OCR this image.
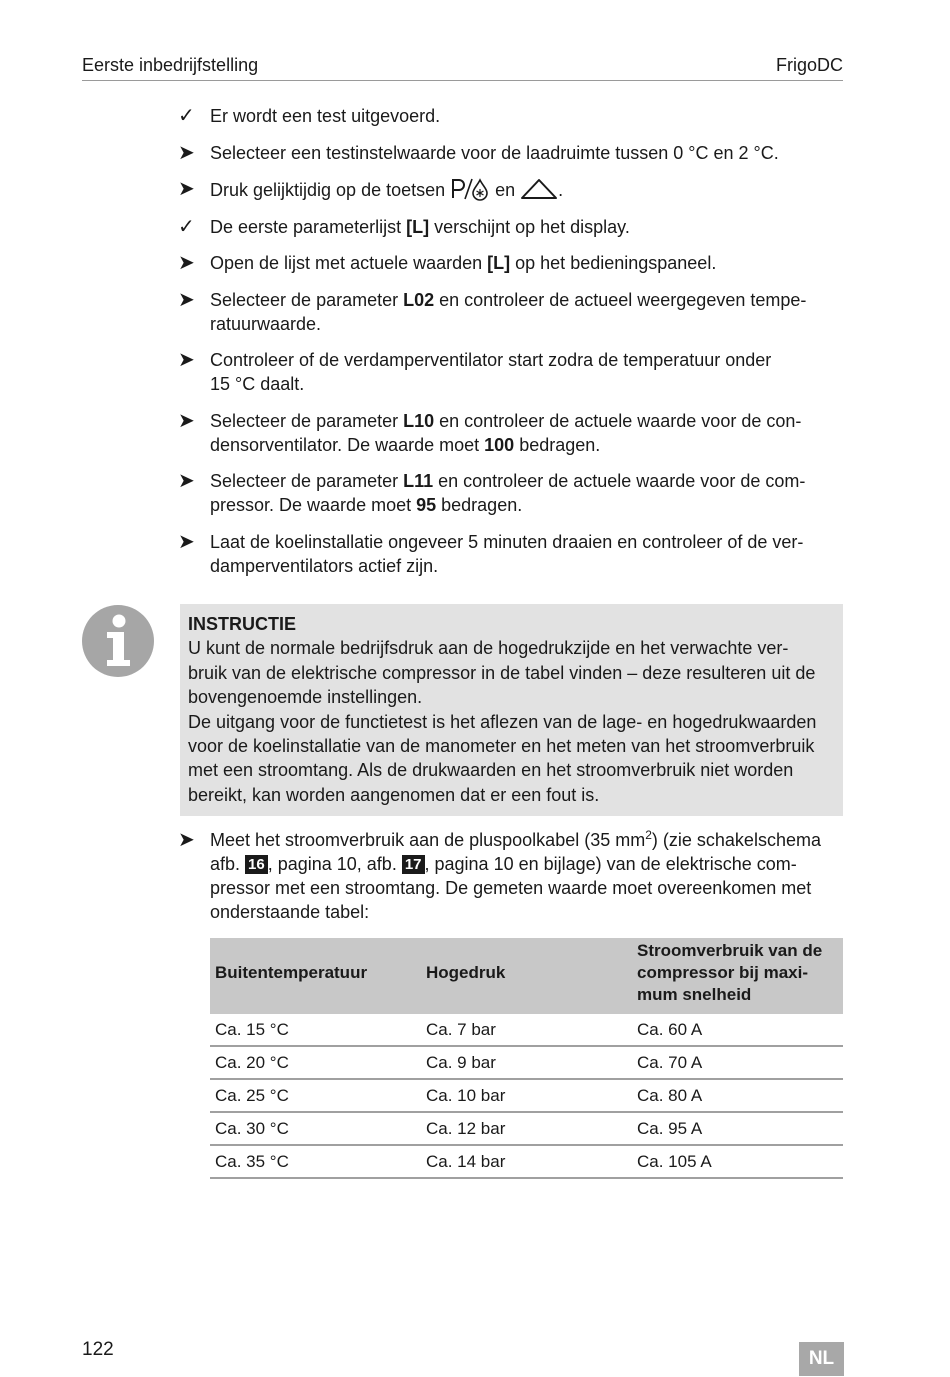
Eerste inbedrijfstelling	FrigoDC
✓ Er wordt een test uitgevoerd.
➤ Selecteer een testinstelwaarde voor de laadruimte tussen 0 °C en 2 °C.
➤ Druk gelijktijdig op de toetsen  en .
✓ De eerste parameterlijst [L] verschijnt op het display.
➤ Open de lijst met actuele waarden [L] op het bedieningspaneel.
➤ Selecteer de parameter L02 en controleer de actueel weergegeven tempe-
ratuurwaarde.
➤ Controleer of de verdamperventilator start zodra de temperatuur onder
15 °C daalt.
➤ Selecteer de parameter L10 en controleer de actuele waarde voor de con-
densorventilator. De waarde moet 100 bedragen.
➤ Selecteer de parameter L11 en controleer de actuele waarde voor de com-
pressor. De waarde moet 95 bedragen.
➤ Laat de koelinstallatie ongeveer 5 minuten draaien en controleer of de ver-
damperventilators actief zijn.
INSTRUCTIE
U kunt de normale bedrijfsdruk aan de hogedrukzijde en het verwachte ver-
bruik van de elektrische compressor in de tabel vinden – deze resulteren uit de
bovengenoemde instellingen.
De uitgang voor de functietest is het aflezen van de lage- en hogedrukwaarden
voor de koelinstallatie van de manometer en het meten van het stroomverbruik
met een stroomtang. Als de drukwaarden en het stroomverbruik niet worden
bereikt, kan worden aangenomen dat er een fout is.
➤ Meet het stroomverbruik aan de pluspoolkabel (35 $mm^2$) (zie schakelschema
afb. 16 , pagina 10, afb. 17 , pagina 10 en bijlage) van de elektrische com-
pressor met een stroomtang. De gemeten waarde moet overeenkomen met
onderstaande tabel:
Buitentemperatuur	Hogedruk	Stroomverbruik van de
compressor bij maxi-
mum snelheid
Ca. 15 °C	Ca. 7 bar	Ca. 60 A
Ca. 20 °C	Ca. 9 bar	Ca. 70 A
Ca. 25 °C	Ca. 10 bar	Ca. 80 A
Ca. 30 °C	Ca. 12 bar	Ca. 95 A
Ca. 35 °C	Ca. 14 bar	Ca. 105 A
122	NL
